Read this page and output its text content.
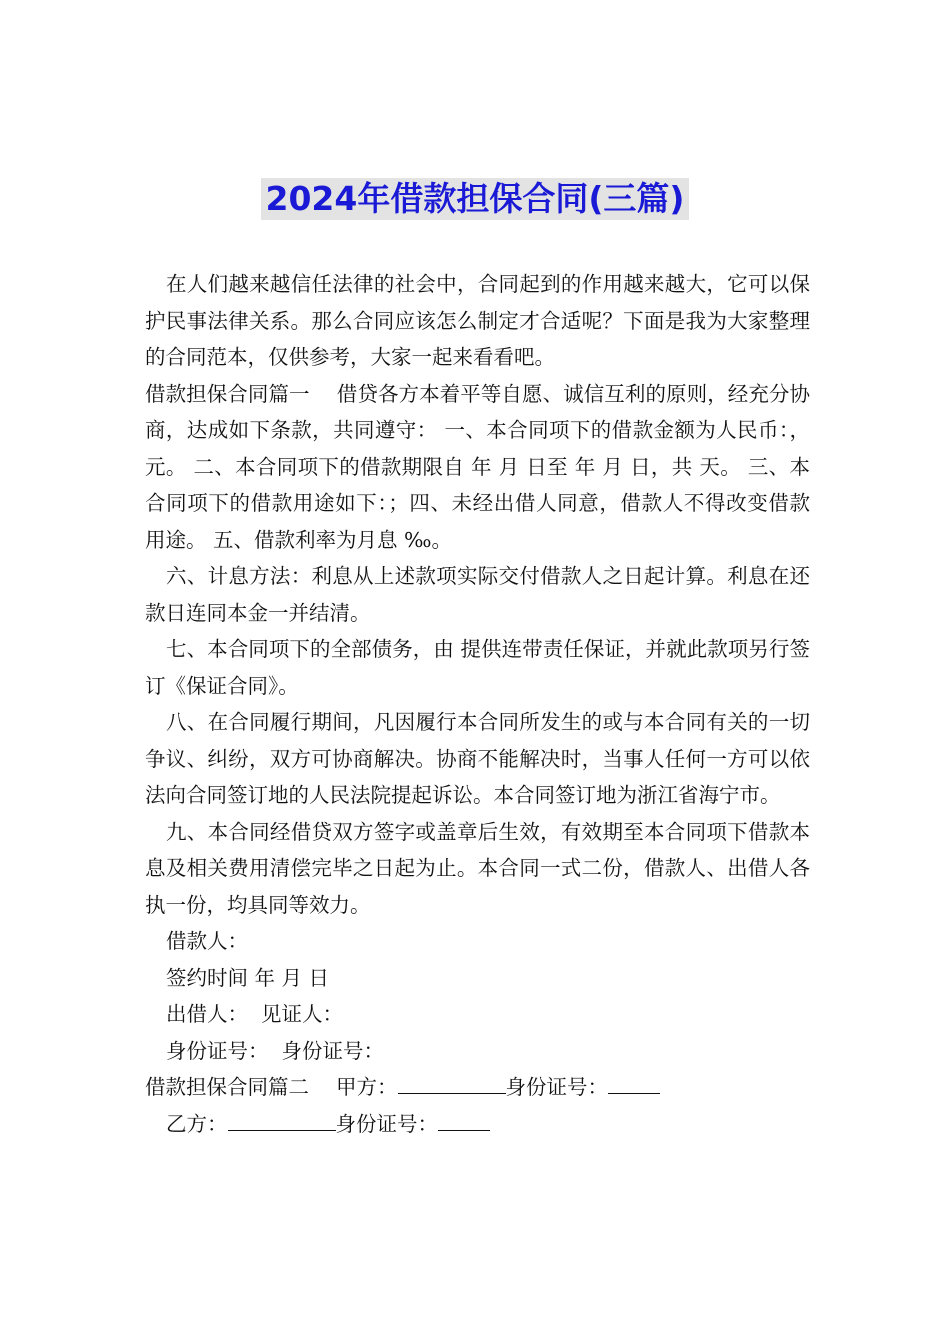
2024年借款担保合同(三篇)

在人们越来越信任法律的社会中，合同起到的作用越来越大，它可以保护民事法律关系。那么合同应该怎么制定才合适呢？下面是我为大家整理的合同范本，仅供参考，大家一起来看看吧。

借款担保合同篇一　 借贷各方本着平等自愿、诚信互利的原则，经充分协商，达成如下条款，共同遵守： 一、本合同项下的借款金额为人民币：，元。 二、本合同项下的借款期限自 年 月 日至 年 月 日，共 天。 三、本合同项下的借款用途如下：；四、未经出借人同意，借款人不得改变借款用途。 五、借款利率为月息 ‰。

六、计息方法：利息从上述款项实际交付借款人之日起计算。利息在还款日连同本金一并结清。

七、本合同项下的全部债务，由 提供连带责任保证，并就此款项另行签订《保证合同》。

八、在合同履行期间，凡因履行本合同所发生的或与本合同有关的一切争议、纠纷，双方可协商解决。协商不能解决时，当事人任何一方可以依法向合同签订地的人民法院提起诉讼。本合同签订地为浙江省海宁市。

九、本合同经借贷双方签字或盖章后生效，有效期至本合同项下借款本息及相关费用清偿完毕之日起为止。本合同一式二份，借款人、出借人各执一份，均具同等效力。

借款人：

签约时间 年 月 日

出借人：  见证人：

身份证号：  身份证号：

借款担保合同篇二　 甲方：	身份证号：

乙方：	身份证号：
